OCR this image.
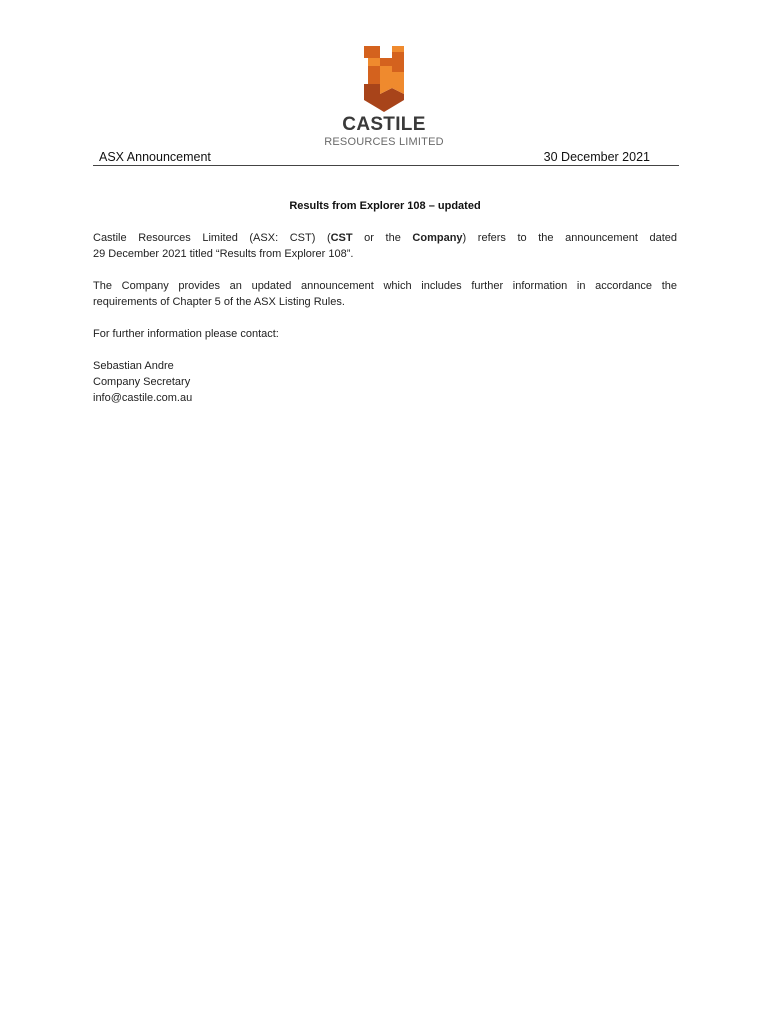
CASTILE
RESOURCES LIMITED
ASX Announcement	30 December 2021
Results from Explorer 108 – updated
Castile Resources Limited (ASX: CST) (CST or the Company) refers to the announcement dated
29 December 2021 titled “Results from Explorer 108”.
The Company provides an updated announcement which includes further information in accordance the
requirements of Chapter 5 of the ASX Listing Rules.
For further information please contact:
Sebastian Andre
Company Secretary
info@castile.com.au
